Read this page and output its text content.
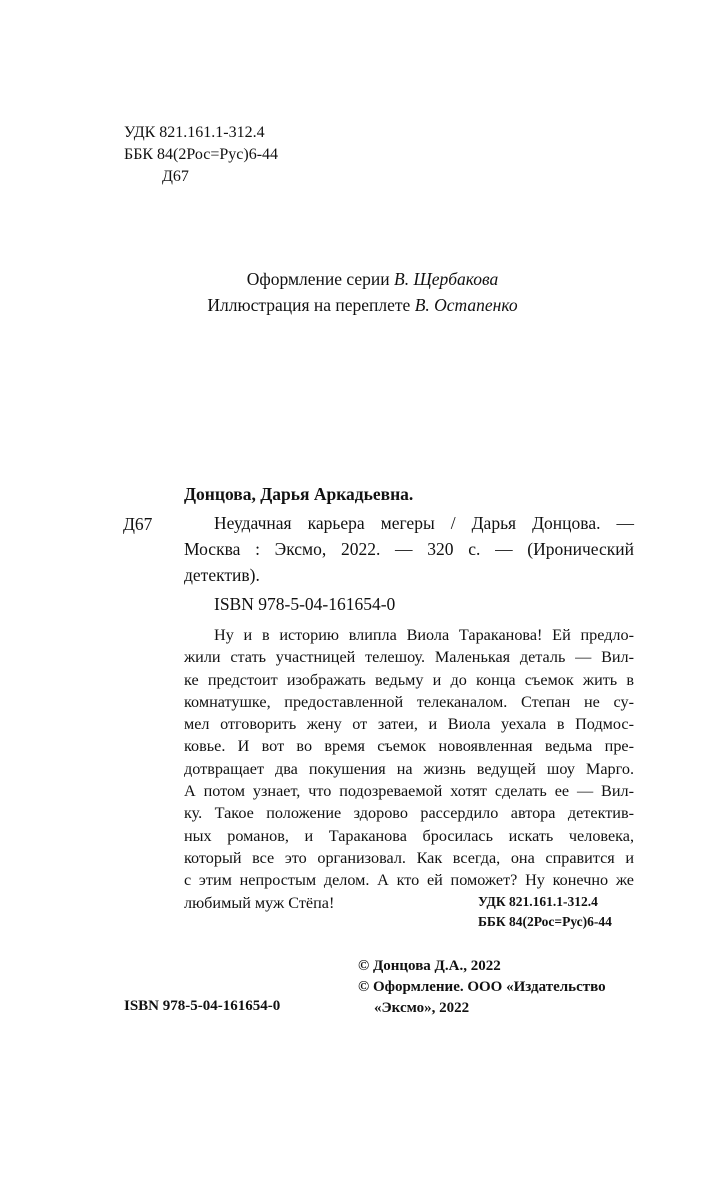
УДК 821.161.1-312.4
ББК 84(2Рос=Рус)6-44
Д67
Оформление серии В. Щербакова
Иллюстрация на переплете В. Остапенко
Донцова, Дарья Аркадьевна.
Д67	Неудачная карьера мегеры / Дарья Донцова. —
Москва : Эксмо, 2022. — 320 с. — (Иронический
детектив).
ISBN 978-5-04-161654-0
Ну и в историю влипла Виола Тараканова! Ей предло-
жили стать участницей телешоу. Маленькая деталь — Вил-
ке предстоит изображать ведьму и до конца съемок жить в
комнатушке, предоставленной телеканалом. Степан не су-
мел отговорить жену от затеи, и Виола уехала в Подмос-
ковье. И вот во время съемок новоявленная ведьма пре-
дотвращает два покушения на жизнь ведущей шоу Марго.
А потом узнает, что подозреваемой хотят сделать ее — Вил-
ку. Такое положение здорово рассердило автора детектив-
ных романов, и Тараканова бросилась искать человека,
который все это организовал. Как всегда, она справится и
с этим непростым делом. А кто ей поможет? Ну конечно же
любимый муж Стёпа!	УДК 821.161.1-312.4
ББК 84(2Рос=Рус)6-44
© Донцова Д.А., 2022
© Оформление. ООО «Издательство
«Эксмо», 2022
ISBN 978-5-04-161654-0
